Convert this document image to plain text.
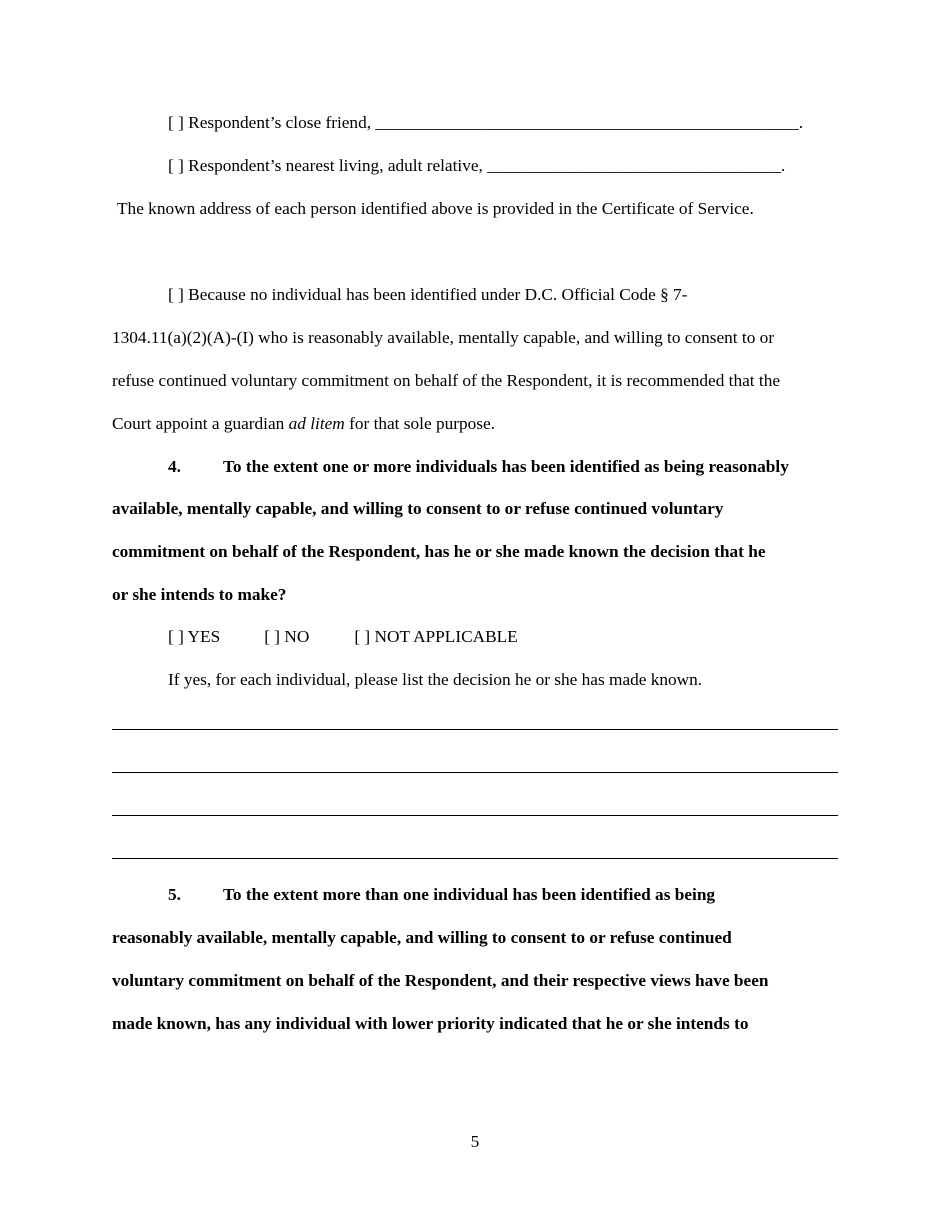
[ ] Respondent’s close friend, _________________________________________________.
[ ] Respondent’s nearest living, adult relative, __________________________________.
The known address of each person identified above is provided in the Certificate of Service.
[ ] Because no individual has been identified under D.C. Official Code § 7-
1304.11(a)(2)(A)-(I) who is reasonably available, mentally capable, and willing to consent to or
refuse continued voluntary commitment on behalf of the Respondent, it is recommended that the
Court appoint a guardian ad litem for that sole purpose.
4. To the extent one or more individuals has been identified as being reasonably
available, mentally capable, and willing to consent to or refuse continued voluntary
commitment on behalf of the Respondent, has he or she made known the decision that he
or she intends to make?
[ ] YES	[ ] NO	[ ] NOT APPLICABLE
If yes, for each individual, please list the decision he or she has made known.
5. To the extent more than one individual has been identified as being
reasonably available, mentally capable, and willing to consent to or refuse continued
voluntary commitment on behalf of the Respondent, and their respective views have been
made known, has any individual with lower priority indicated that he or she intends to
5
